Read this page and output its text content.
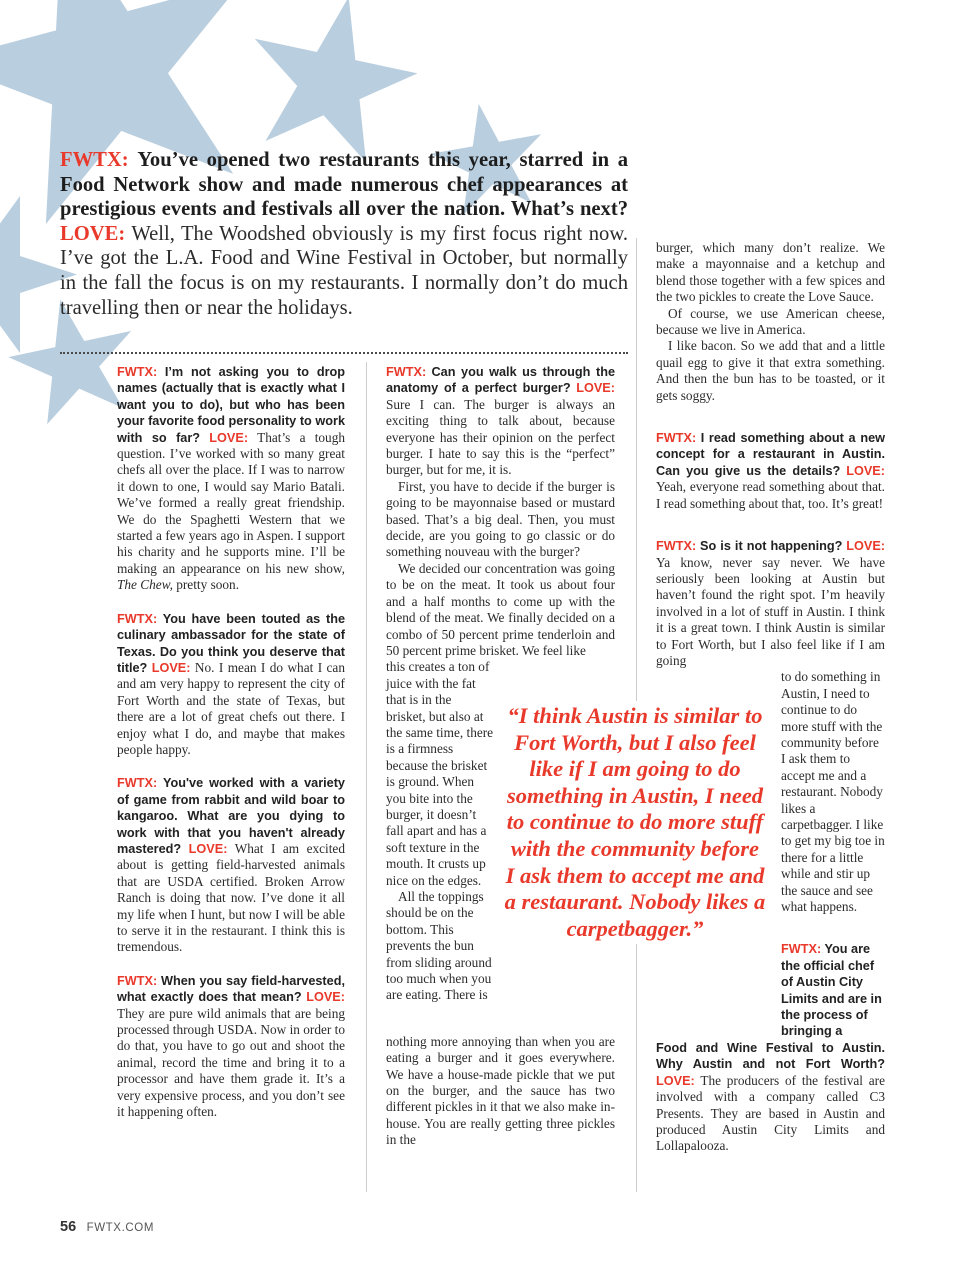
FWTX: You’ve opened two restaurants this year, starred in a Food Network show and made numerous chef appearances at prestigious events and festivals all over the nation. What’s next? LOVE: Well, The Woodshed obviously is my first focus right now. I’ve got the L.A. Food and Wine Festival in October, but normally in the fall the focus is on my restaurants. I normally don’t do much travelling then or near the holidays.

FWTX: I’m not asking you to drop names (actually that is exactly what I want you to do), but who has been your favorite food personality to work with so far? LOVE: That’s a tough question. I’ve worked with so many great chefs all over the place. If I was to narrow it down to one, I would say Mario Batali. We’ve formed a really great friendship. We do the Spaghetti Western that we started a few years ago in Aspen. I support his charity and he supports mine. I’ll be making an appearance on his new show, The Chew, pretty soon.

FWTX: You have been touted as the culinary ambassador for the state of Texas. Do you think you deserve that title? LOVE: No. I mean I do what I can and am very happy to represent the city of Fort Worth and the state of Texas, but there are a lot of great chefs out there. I enjoy what I do, and maybe that makes people happy.

FWTX: You've worked with a variety of game from rabbit and wild boar to kangaroo. What are you dying to work with that you haven't already mastered? LOVE: What I am excited about is getting field-harvested animals that are USDA certified. Broken Arrow Ranch is doing that now. I’ve done it all my life when I hunt, but now I will be able to serve it in the restaurant. I think this is tremendous.

FWTX: When you say field-harvested, what exactly does that mean? LOVE: They are pure wild animals that are being processed through USDA. Now in order to do that, you have to go out and shoot the animal, record the time and bring it to a processor and have them grade it. It’s a very expensive process, and you don’t see it happening often.

FWTX: Can you walk us through the anatomy of a perfect burger? LOVE: Sure I can. The burger is always an exciting thing to talk about, because everyone has their opinion on the perfect burger. I hate to say this is the “perfect” burger, but for me, it is.

First, you have to decide if the burger is going to be mayonnaise based or mustard based. That’s a big deal. Then, you must decide, are you going to go classic or do something nouveau with the burger?

We decided our concentration was going to be on the meat. It took us about four and a half months to come up with the blend of the meat. We finally decided on a combo of 50 percent prime tenderloin and 50 percent prime brisket. We feel like

this creates a ton of juice with the fat that is in the brisket, but also at the same time, there is a firmness because the brisket is ground. When you bite into the burger, it doesn’t fall apart and has a soft texture in the mouth. It crusts up nice on the edges.

All the toppings should be on the bottom. This prevents the bun from sliding around too much when you are eating. There is

nothing more annoying than when you are eating a burger and it goes everywhere. We have a house-made pickle that we put on the burger, and the sauce has two different pickles in it that we also make in-house. You are really getting three pickles in the

“I think Austin is similar to Fort Worth, but I also feel like if I am going to do something in Austin, I need to continue to do more stuff with the community before I ask them to accept me and a restaurant. Nobody likes a carpetbagger.”

burger, which many don’t realize. We make a mayonnaise and a ketchup and blend those together with a few spices and the two pickles to create the Love Sauce.

Of course, we use American cheese, because we live in America.

I like bacon. So we add that and a little quail egg to give it that extra something. And then the bun has to be toasted, or it gets soggy.

FWTX: I read something about a new concept for a restaurant in Austin. Can you give us the details? LOVE: Yeah, everyone read something about that. I read something about that, too. It’s great!

FWTX: So is it not happening? LOVE: Ya know, never say never. We have seriously been looking at Austin but haven’t found the right spot. I’m heavily involved in a lot of stuff in Austin. I think it is a great town. I think Austin is similar to Fort Worth, but I also feel like if I am going

to do something in Austin, I need to continue to do more stuff with the community before I ask them to accept me and a restaurant. Nobody likes a carpetbagger. I like to get my big toe in there for a little while and stir up the sauce and see what happens.

FWTX: You are the official chef of Austin City Limits and are in the process of bringing a

Food and Wine Festival to Austin. Why Austin and not Fort Worth? LOVE: The producers of the festival are involved with a company called C3 Presents. They are based in Austin and produced Austin City Limits and Lollapalooza.

56 FWTX.COM
